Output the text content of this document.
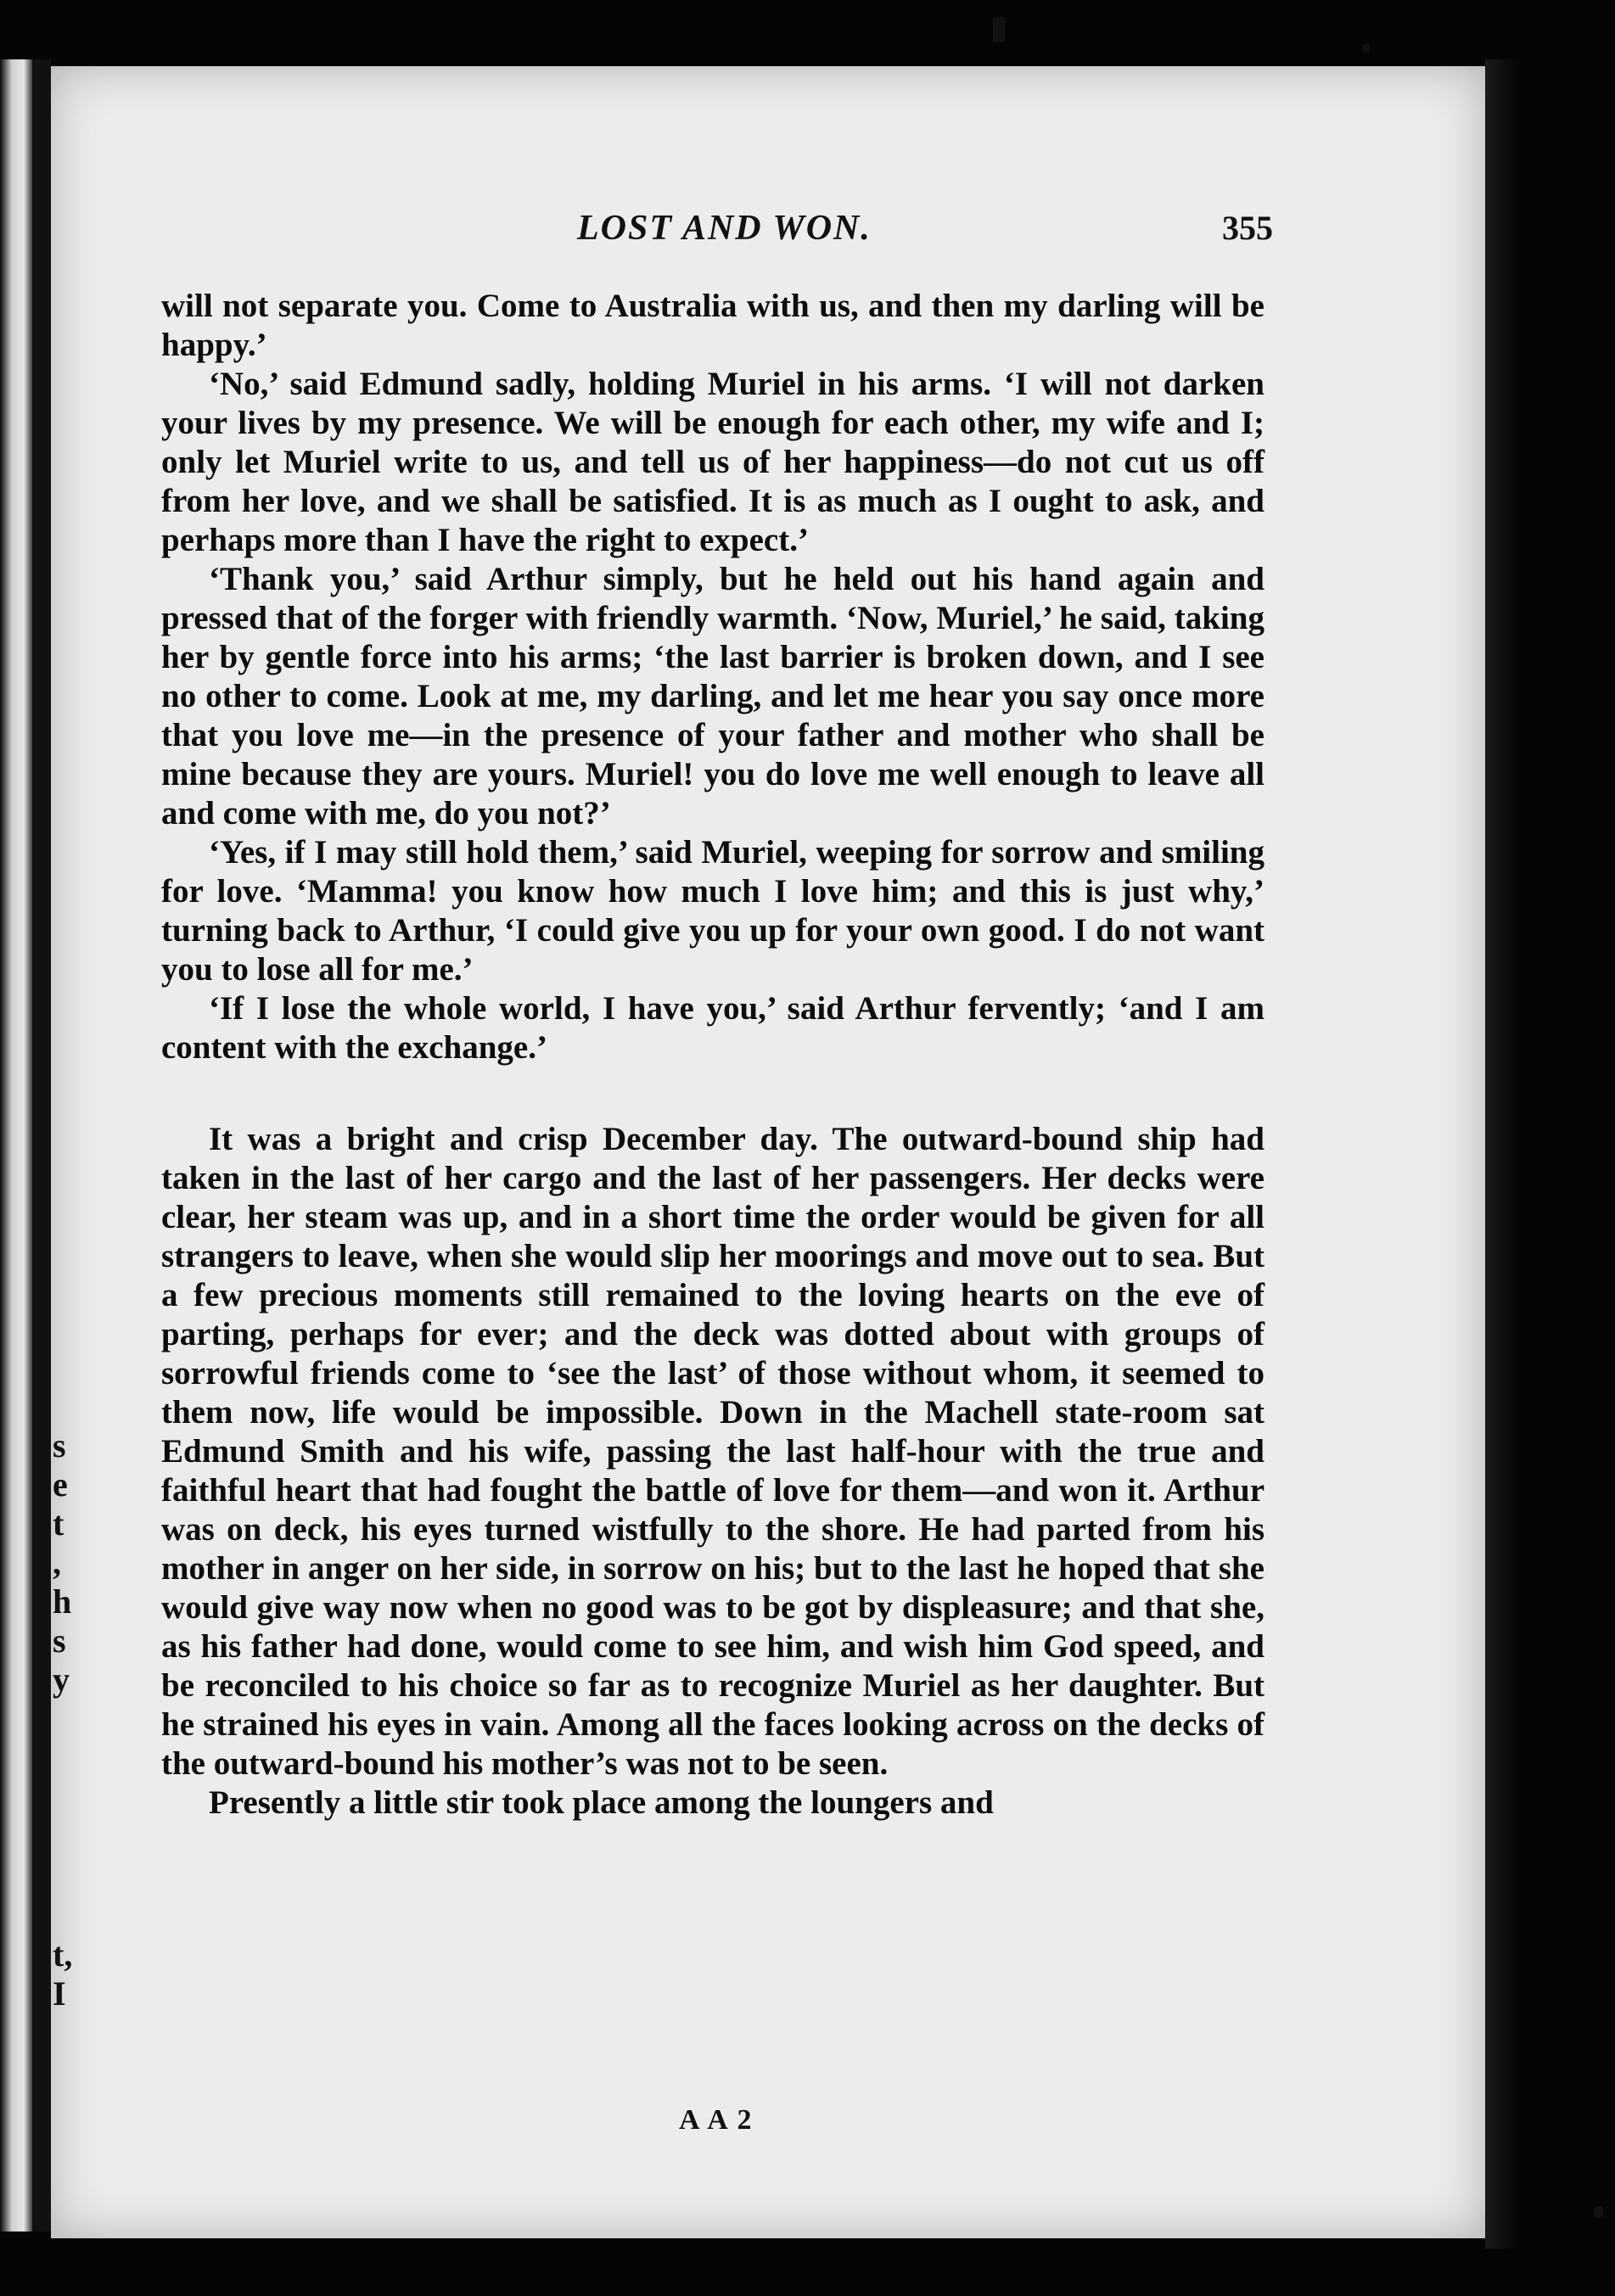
s
e
t
,
h
s
y
t,
I
LOST AND WON.	355

will not separate you. Come to Australia with us, and then my darling will be happy.’

‘No,’ said Edmund sadly, holding Muriel in his arms. ‘I will not darken your lives by my presence. We will be enough for each other, my wife and I; only let Muriel write to us, and tell us of her happiness—do not cut us off from her love, and we shall be satisfied. It is as much as I ought to ask, and perhaps more than I have the right to expect.’

‘Thank you,’ said Arthur simply, but he held out his hand again and pressed that of the forger with friendly warmth. ‘Now, Muriel,’ he said, taking her by gentle force into his arms; ‘the last barrier is broken down, and I see no other to come. Look at me, my darling, and let me hear you say once more that you love me—in the presence of your father and mother who shall be mine because they are yours. Muriel! you do love me well enough to leave all and come with me, do you not?’

‘Yes, if I may still hold them,’ said Muriel, weeping for sorrow and smiling for love. ‘Mamma! you know how much I love him; and this is just why,’ turning back to Arthur, ‘I could give you up for your own good. I do not want you to lose all for me.’

‘If I lose the whole world, I have you,’ said Arthur fervently; ‘and I am content with the exchange.’

It was a bright and crisp December day. The outward-bound ship had taken in the last of her cargo and the last of her passengers. Her decks were clear, her steam was up, and in a short time the order would be given for all strangers to leave, when she would slip her moorings and move out to sea. But a few precious moments still remained to the loving hearts on the eve of parting, perhaps for ever; and the deck was dotted about with groups of sorrowful friends come to ‘see the last’ of those without whom, it seemed to them now, life would be impossible. Down in the Machell state-room sat Edmund Smith and his wife, passing the last half-hour with the true and faithful heart that had fought the battle of love for them—and won it. Arthur was on deck, his eyes turned wistfully to the shore. He had parted from his mother in anger on her side, in sorrow on his; but to the last he hoped that she would give way now when no good was to be got by displeasure; and that she, as his father had done, would come to see him, and wish him God speed, and be reconciled to his choice so far as to recognize Muriel as her daughter. But he strained his eyes in vain. Among all the faces looking across on the decks of the outward-bound his mother’s was not to be seen.

Presently a little stir took place among the loungers and

A A 2
